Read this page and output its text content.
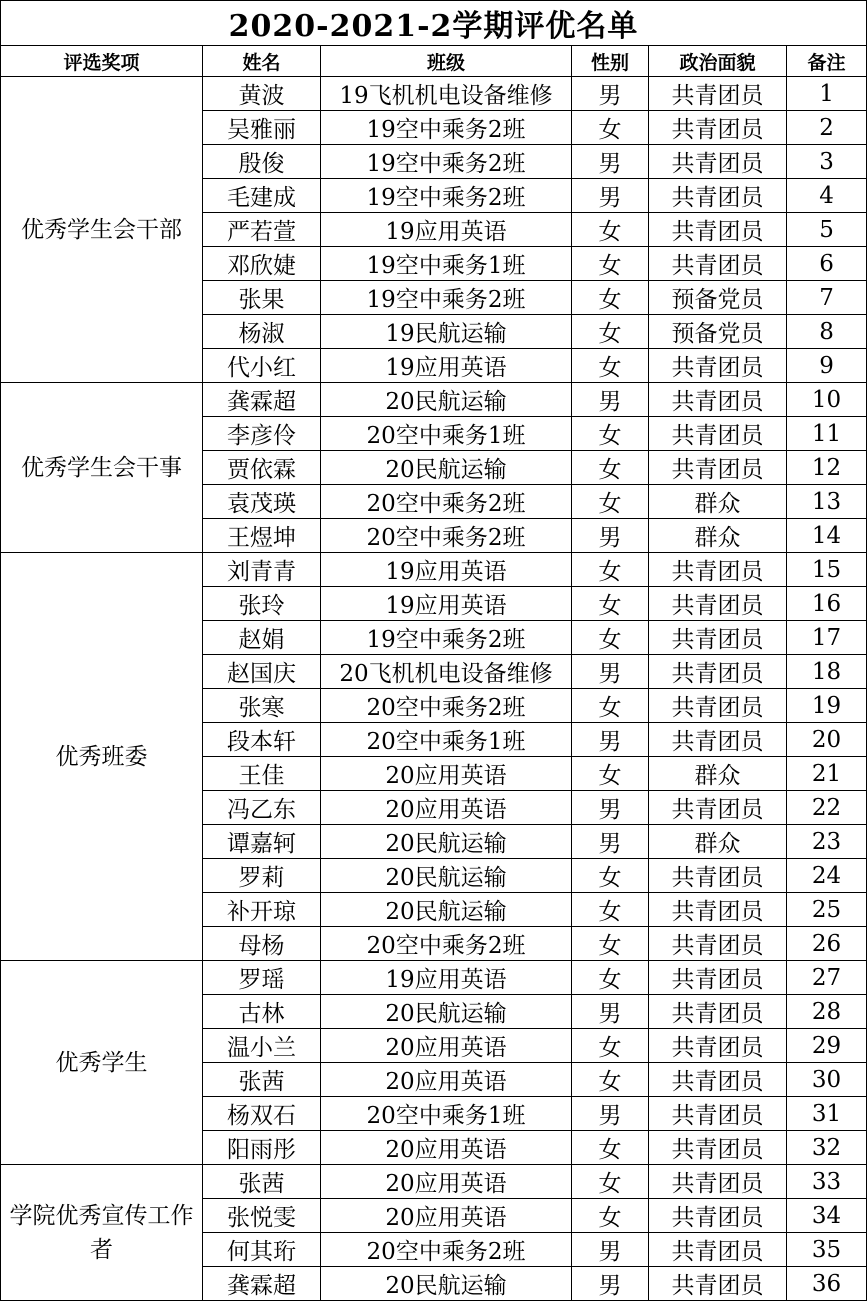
2020-2021-2学期评优名单					
评选奖项	姓名	班级	性别	政治面貌	备注
优秀学生会干部	黄波	19飞机机电设备维修	男	共青团员	1
	吴雅丽	19空中乘务2班	女	共青团员	2
	殷俊	19空中乘务2班	男	共青团员	3
	毛建成	19空中乘务2班	男	共青团员	4
	严若萱	19应用英语	女	共青团员	5
	邓欣婕	19空中乘务1班	女	共青团员	6
	张果	19空中乘务2班	女	预备党员	7
	杨淑	19民航运输	女	预备党员	8
	代小红	19应用英语	女	共青团员	9
优秀学生会干事	龚霖超	20民航运输	男	共青团员	10
	李彦伶	20空中乘务1班	女	共青团员	11
	贾依霖	20民航运输	女	共青团员	12
	袁茂瑛	20空中乘务2班	女	群众	13
	王煜坤	20空中乘务2班	男	群众	14
优秀班委	刘青青	19应用英语	女	共青团员	15
	张玲	19应用英语	女	共青团员	16
	赵娟	19空中乘务2班	女	共青团员	17
	赵国庆	20飞机机电设备维修	男	共青团员	18
	张寒	20空中乘务2班	女	共青团员	19
	段本轩	20空中乘务1班	男	共青团员	20
	王佳	20应用英语	女	群众	21
	冯乙东	20应用英语	男	共青团员	22
	谭嘉轲	20民航运输	男	群众	23
	罗莉	20民航运输	女	共青团员	24
	补开琼	20民航运输	女	共青团员	25
	母杨	20空中乘务2班	女	共青团员	26
优秀学生	罗瑶	19应用英语	女	共青团员	27
	古林	20民航运输	男	共青团员	28
	温小兰	20应用英语	女	共青团员	29
	张茜	20应用英语	女	共青团员	30
	杨双石	20空中乘务1班	男	共青团员	31
	阳雨彤	20应用英语	女	共青团员	32
学院优秀宣传工作者	张茜	20应用英语	女	共青团员	33
	张悦雯	20应用英语	女	共青团员	34
	何其珩	20空中乘务2班	男	共青团员	35
	龚霖超	20民航运输	男	共青团员	36
